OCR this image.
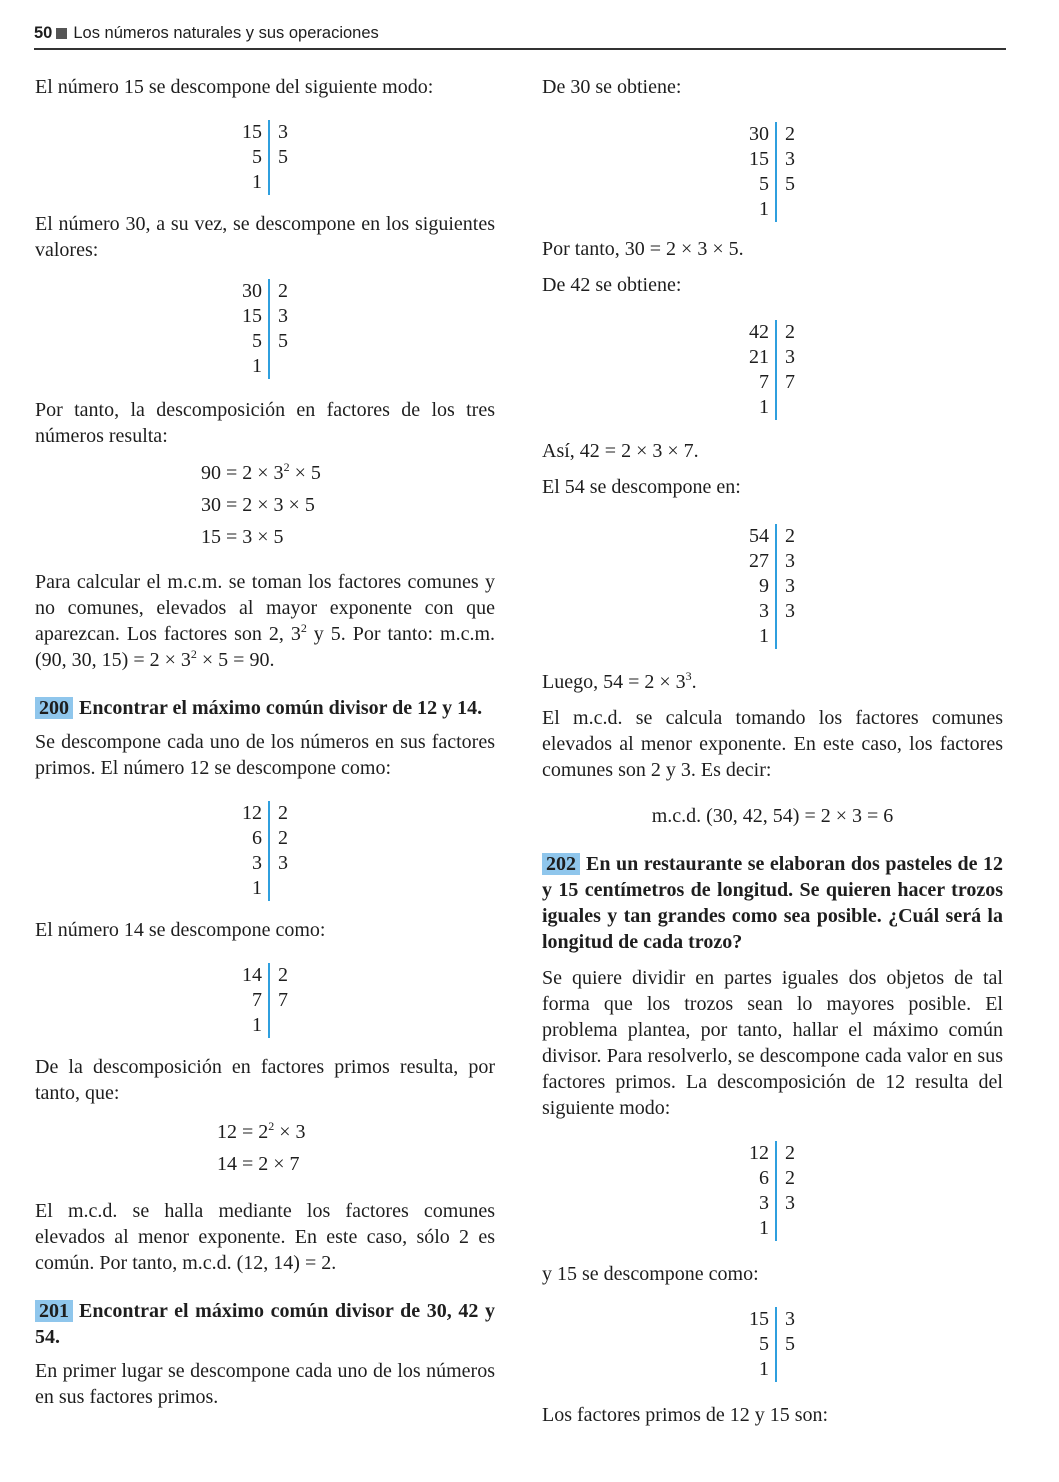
50 Los números naturales y sus operaciones

El número 15 se descompone del siguiente modo:

15 3
5 5
1

El número 30, a su vez, se descompone en los siguientes valores:

30 2
15 3
5 5
1

Por tanto, la descomposición en factores de los tres números resulta:

$90 = 2 \times 3^2 \times 5$
30 = 2 × 3 × 5
15 = 3 × 5

Para calcular el m.c.m. se toman los factores comunes y no comunes, elevados al mayor exponente con que aparezcan. Los factores son 2, $3^2$ y 5. Por tanto: m.c.m. (90, 30, $15) = 2 \times 3^2 \times 5 = 90$.

200 Encontrar el máximo común divisor de 12 y 14.

Se descompone cada uno de los números en sus factores primos. El número 12 se descompone como:

12 2
6 2
3 3
1

El número 14 se descompone como:

14 2
7 7
1

De la descomposición en factores primos resulta, por tanto, que:

$12 = 2^2 \times 3$
14 = 2 × 7

El m.c.d. se halla mediante los factores comunes elevados al menor exponente. En este caso, sólo 2 es común. Por tanto, m.c.d. (12, 14) = 2.

201 Encontrar el máximo común divisor de 30, 42 y 54.

En primer lugar se descompone cada uno de los números en sus factores primos.

De 30 se obtiene:

30 2
15 3
5 5
1

Por tanto, 30 = 2 × 3 × 5.

De 42 se obtiene:

42 2
21 3
7 7
1

Así, 42 = 2 × 3 × 7.

El 54 se descompone en:

54 2
27 3
9 3
3 3
1

Luego, $54 = 2 \times 3^3$.

El m.c.d. se calcula tomando los factores comunes elevados al menor exponente. En este caso, los factores comunes son 2 y 3. Es decir:

m.c.d. (30, 42, 54) = 2 × 3 = 6

202 En un restaurante se elaboran dos pasteles de 12 y 15 centímetros de longitud. Se quieren hacer trozos iguales y tan grandes como sea posible. ¿Cuál será la longitud de cada trozo?

Se quiere dividir en partes iguales dos objetos de tal forma que los trozos sean lo mayores posible. El problema plantea, por tanto, hallar el máximo común divisor. Para resolverlo, se descompone cada valor en sus factores primos. La descomposición de 12 resulta del siguiente modo:

12 2
6 2
3 3
1

y 15 se descompone como:

15 3
5 5
1

Los factores primos de 12 y 15 son:
